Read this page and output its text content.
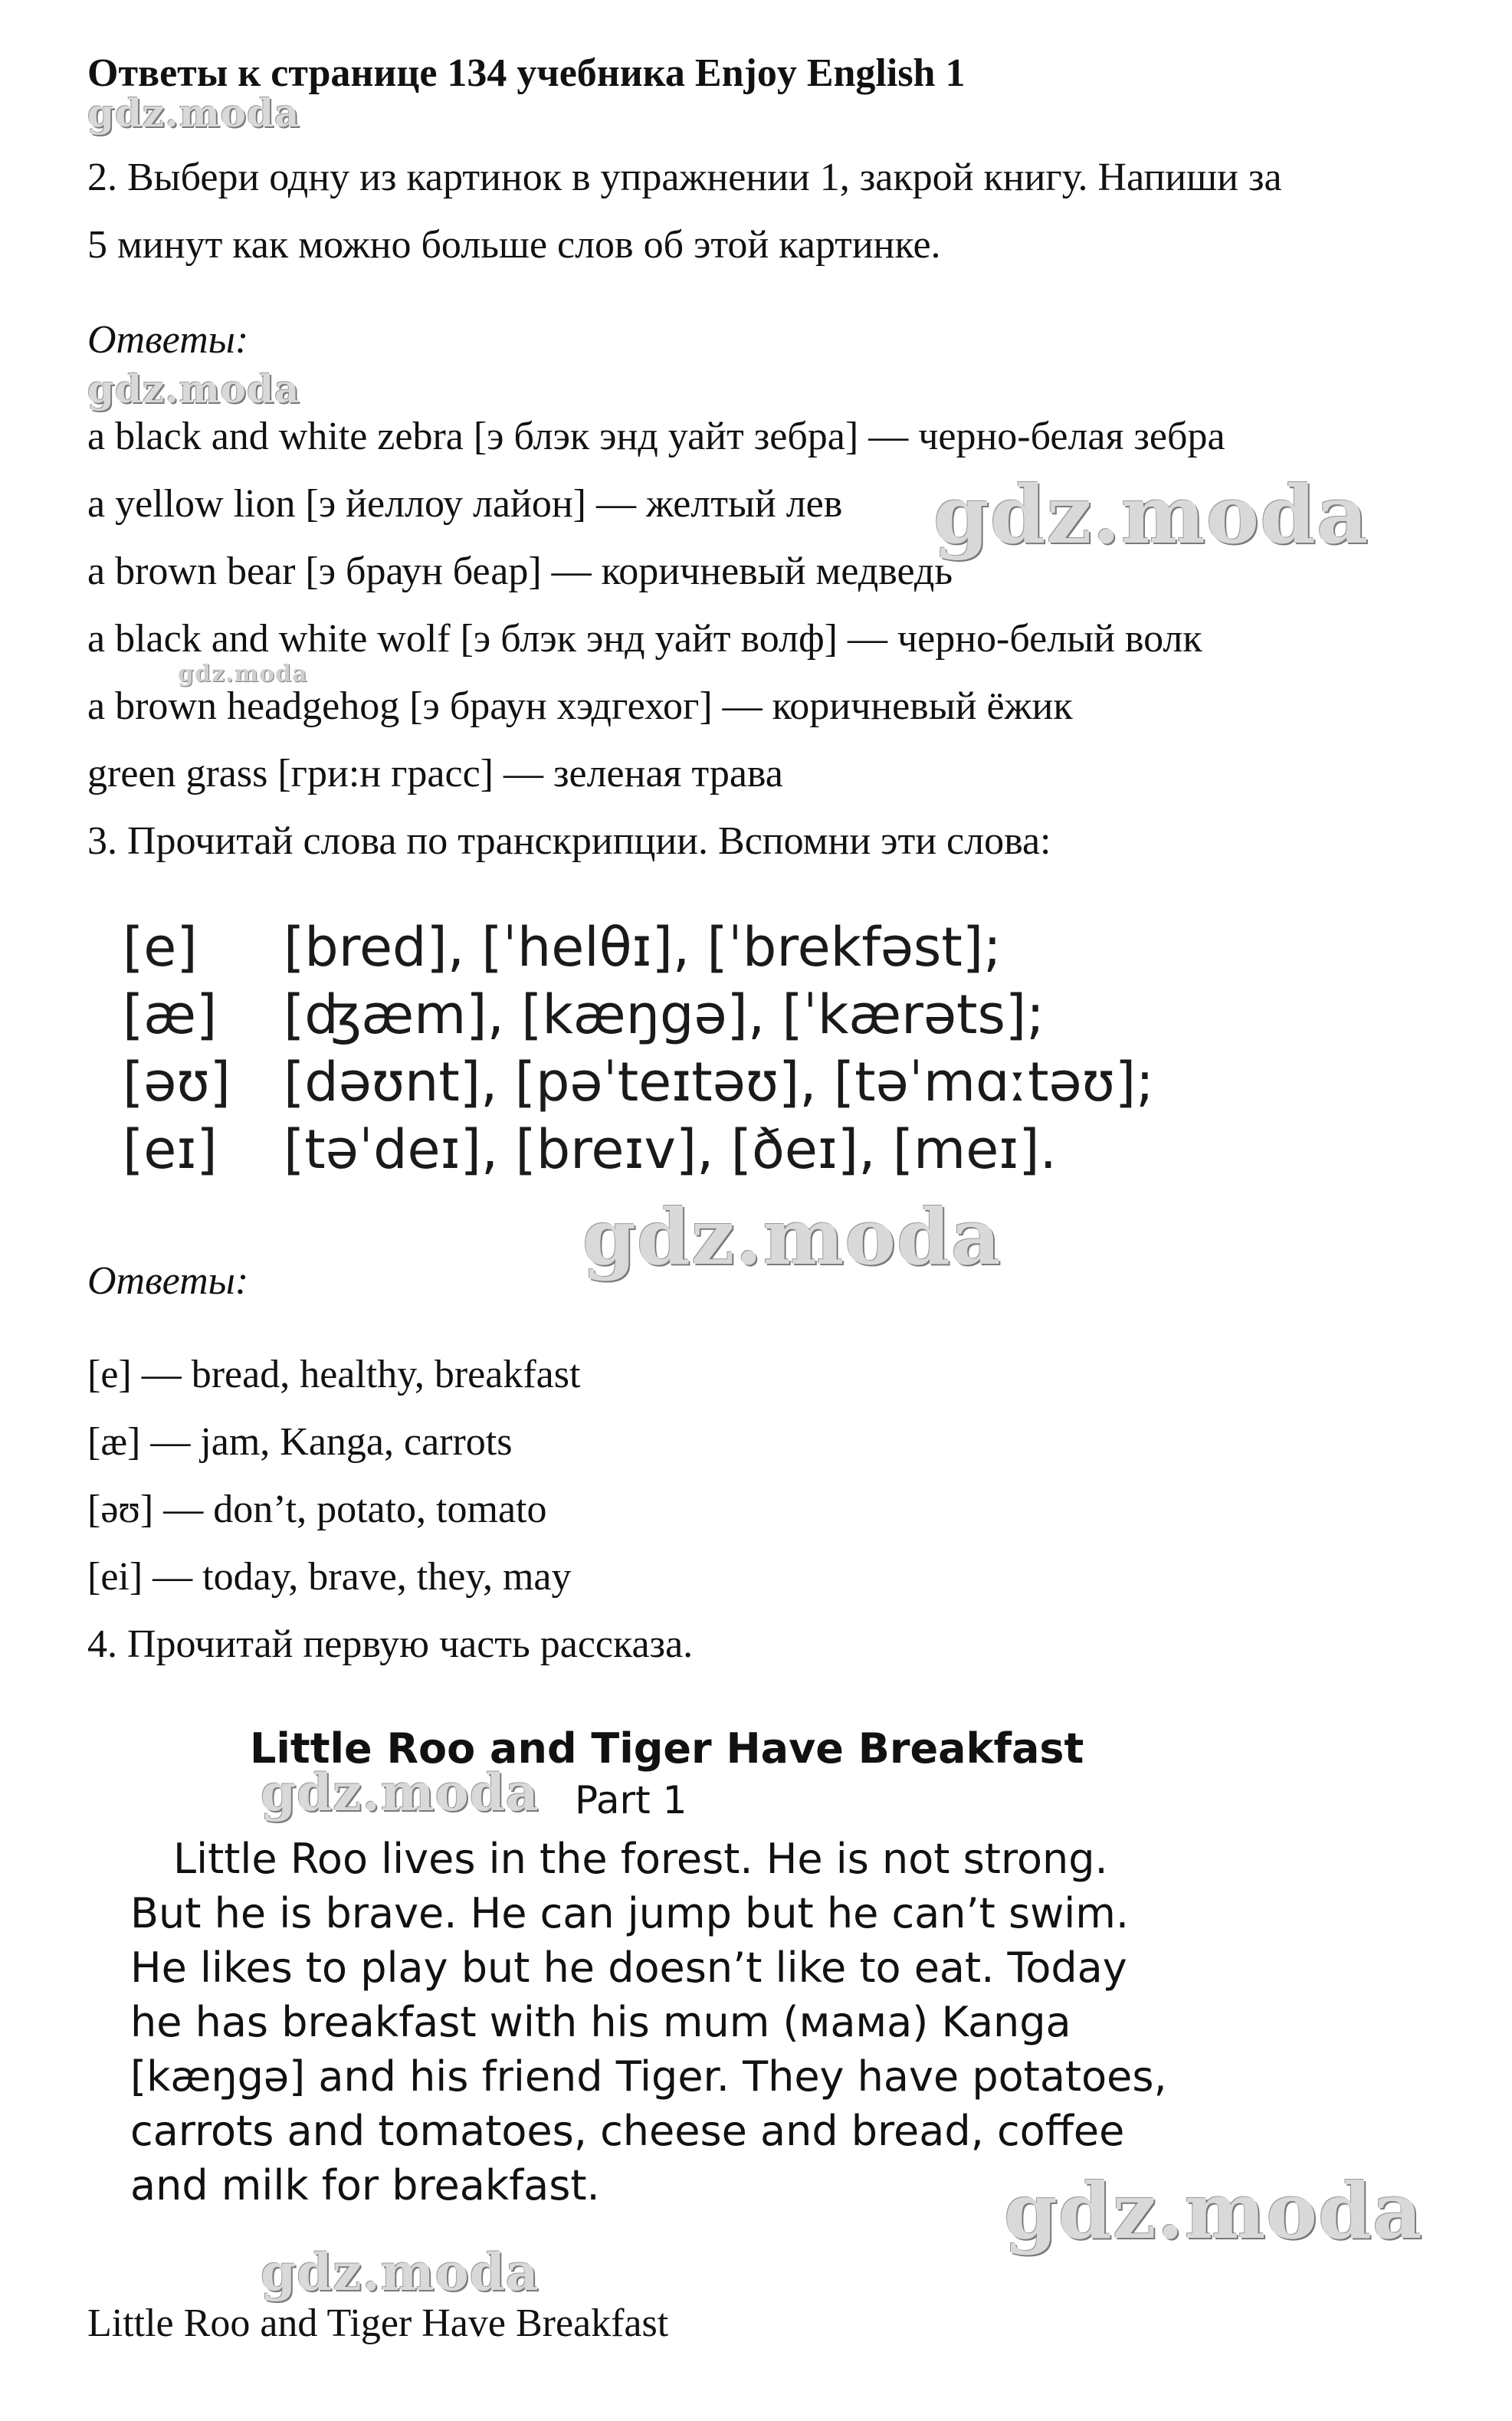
Ответы к странице 134 учебника Enjoy English 1
gdz.moda
2. Выбери одну из картинок в упражнении 1, закрой книгу. Напиши за
5 минут как можно больше слов об этой картинке.
Ответы:
gdz.moda
a black and white zebra [э блэк энд уайт зебра] — черно-белая зебра
a yellow lion [э йеллоу лайон] — желтый лев
a brown bear [э браун беар] — коричневый медведь
a black and white wolf [э блэк энд уайт волф] — черно-белый волк
a brown headgehog [э браун хэдгехог] — коричневый ёжик
green grass [гри:н грасс] — зеленая трава
gdz.moda
gdz.moda
3. Прочитай слова по транскрипции. Вспомни эти слова:
[e] [bred], [ˈhelθɪ], [ˈbrekfəst];
[æ] [ʤæm], [kæŋgə], [ˈkærəts];
[əʊ] [dəʊnt], [pəˈteɪtəʊ], [təˈmɑːtəʊ];
[eɪ] [təˈdeɪ], [breɪv], [ðeɪ], [meɪ].
gdz.moda
Ответы:
[e] — bread, healthy, breakfast
[æ] — jam, Kanga, carrots
[əʊ] — don’t, potato, tomato
[ei] — today, brave, they, may
4. Прочитай первую часть рассказа.
Little Roo and Tiger Have Breakfast
gdz.moda Part 1
Little Roo lives in the forest. He is not strong.
But he is brave. He can jump but he can’t swim.
He likes to play but he doesn’t like to eat. Today
he has breakfast with his mum (мама) Kanga
[kæŋgə] and his friend Tiger. They have potatoes,
carrots and tomatoes, cheese and bread, coffee
and milk for breakfast.	gdz.moda
gdz.moda
Little Roo and Tiger Have Breakfast
